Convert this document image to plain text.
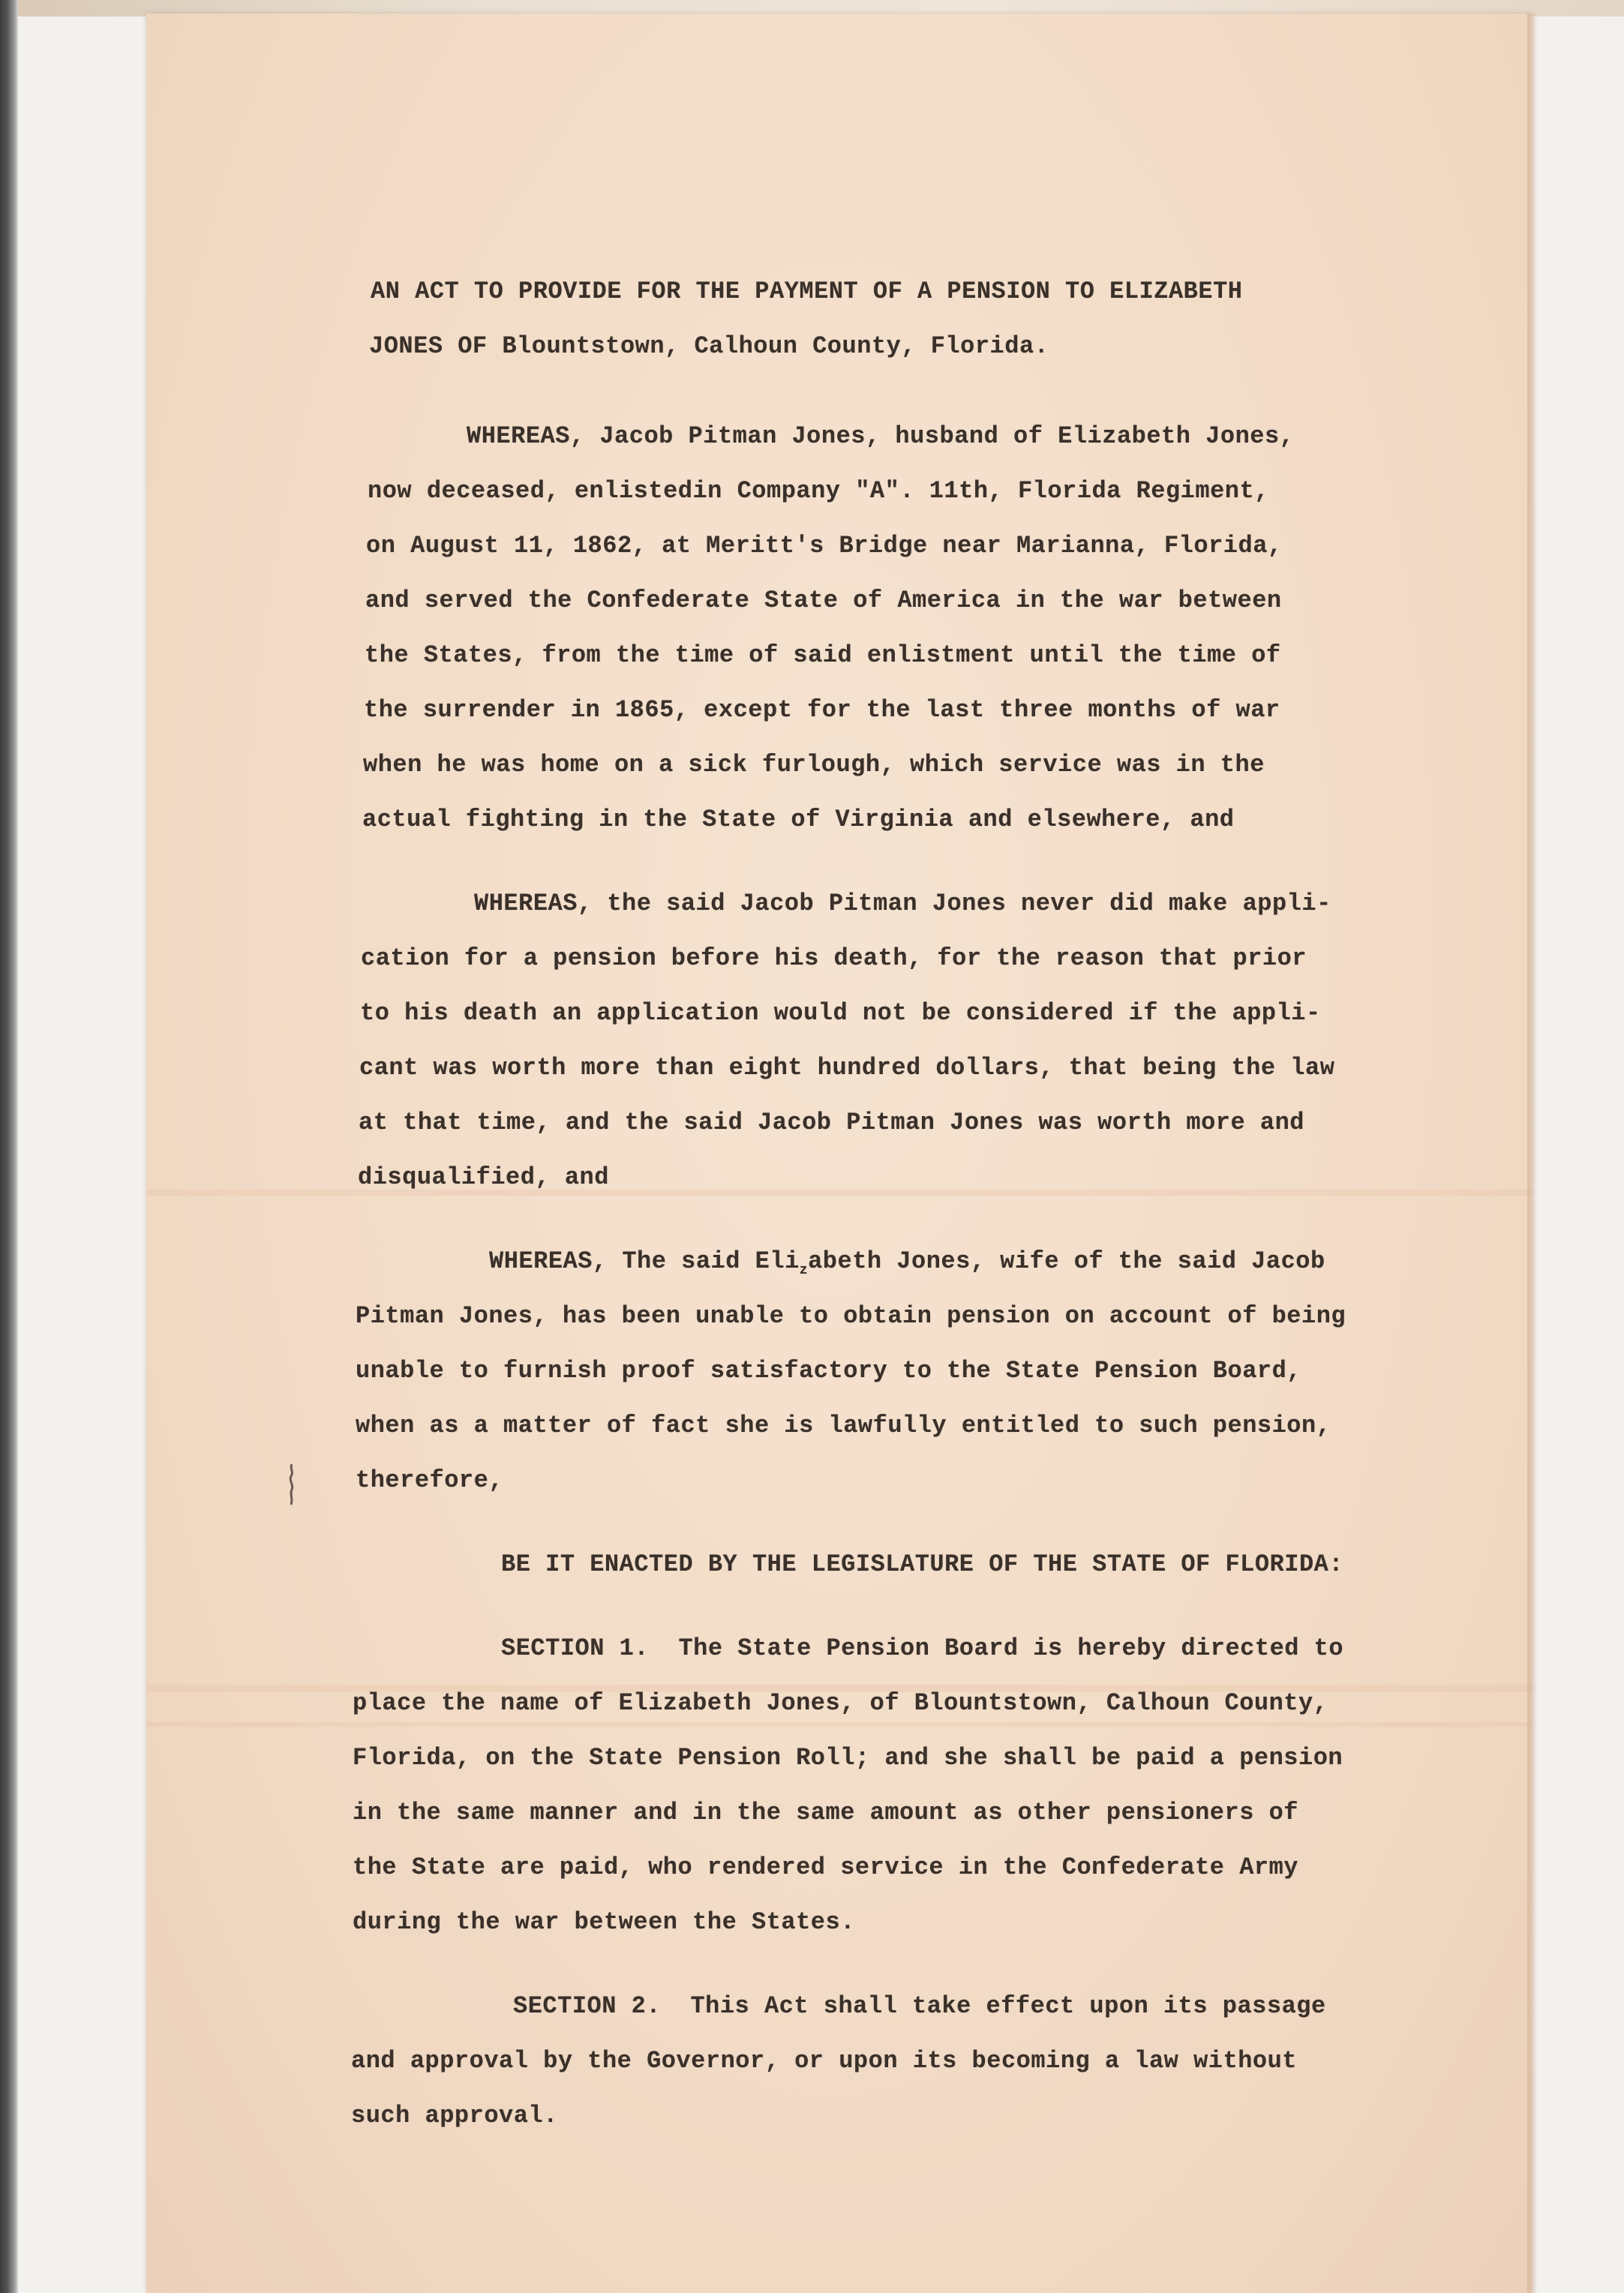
AN ACT TO PROVIDE FOR THE PAYMENT OF A PENSION TO ELIZABETH
JONES OF Blountstown, Calhoun County, Florida.
WHEREAS, Jacob Pitman Jones, husband of Elizabeth Jones,
now deceased, enlistedin Company "A". 11th, Florida Regiment,
on August 11, 1862, at Meritt's Bridge near Marianna, Florida,
and served the Confederate State of America in the war between
the States, from the time of said enlistment until the time of
the surrender in 1865, except for the last three months of war
when he was home on a sick furlough, which service was in the
actual fighting in the State of Virginia and elsewhere, and
WHEREAS, the said Jacob Pitman Jones never did make appli-
cation for a pension before his death, for the reason that prior
to his death an application would not be considered if the appli-
cant was worth more than eight hundred dollars, that being the law
at that time, and the said Jacob Pitman Jones was worth more and
disqualified, and
WHEREAS, The said Eli$_z$abeth Jones, wife of the said Jacob
Pitman Jones, has been unable to obtain pension on account of being
unable to furnish proof satisfactory to the State Pension Board,
when as a matter of fact she is lawfully entitled to such pension,
therefore,
BE IT ENACTED BY THE LEGISLATURE OF THE STATE OF FLORIDA:
SECTION 1.  The State Pension Board is hereby directed to
place the name of Elizabeth Jones, of Blountstown, Calhoun County,
Florida, on the State Pension Roll; and she shall be paid a pension
in the same manner and in the same amount as other pensioners of
the State are paid, who rendered service in the Confederate Army
during the war between the States.
SECTION 2.  This Act shall take effect upon its passage
and approval by the Governor, or upon its becoming a law without
such approval.
